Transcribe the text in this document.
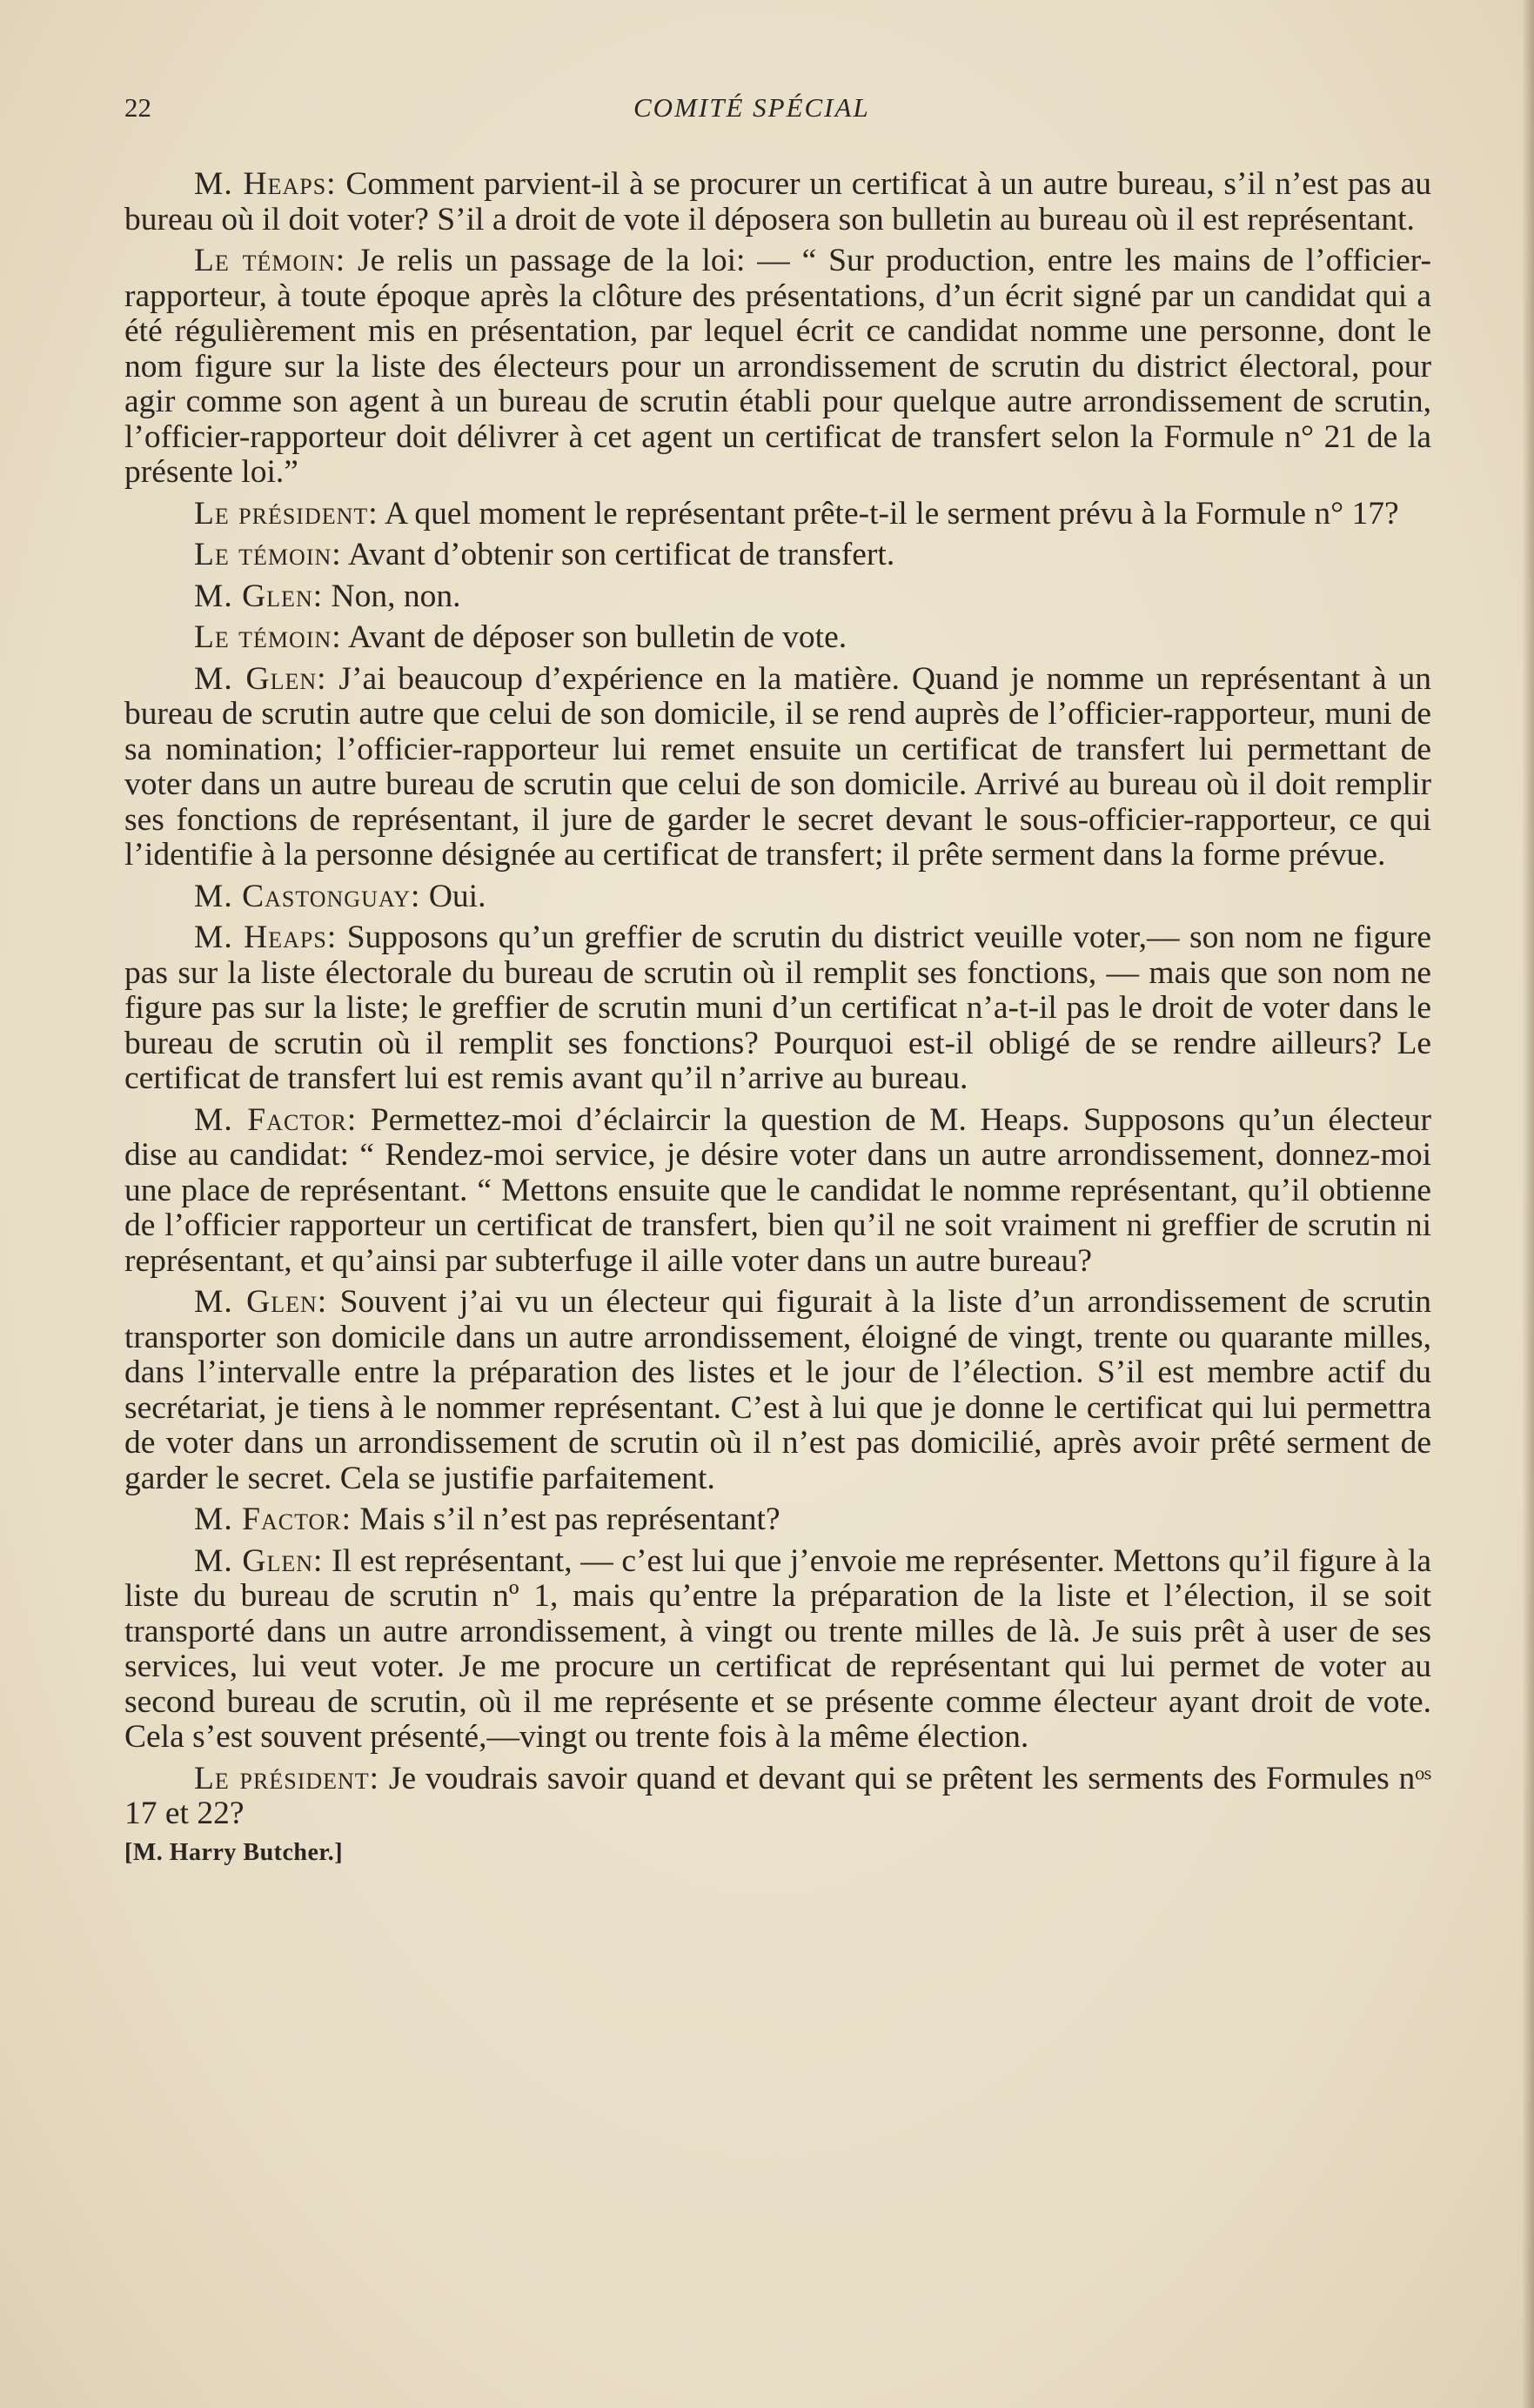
22	COMITÉ SPÉCIAL

M. Heaps: Comment parvient-il à se procurer un certificat à un autre bureau, s’il n’est pas au bureau où il doit voter? S’il a droit de vote il déposera son bulletin au bureau où il est représentant.

Le témoin: Je relis un passage de la loi: — “ Sur production, entre les mains de l’officier-rapporteur, à toute époque après la clôture des présentations, d’un écrit signé par un candidat qui a été régulièrement mis en présentation, par lequel écrit ce candidat nomme une personne, dont le nom figure sur la liste des électeurs pour un arrondissement de scrutin du district électoral, pour agir comme son agent à un bureau de scrutin établi pour quelque autre arrondissement de scrutin, l’officier-rapporteur doit délivrer à cet agent un certificat de transfert selon la Formule n° 21 de la présente loi.”

Le président: A quel moment le représentant prête-t-il le serment prévu à la Formule n° 17?

Le témoin: Avant d’obtenir son certificat de transfert.

M. Glen: Non, non.

Le témoin: Avant de déposer son bulletin de vote.

M. Glen: J’ai beaucoup d’expérience en la matière. Quand je nomme un représentant à un bureau de scrutin autre que celui de son domicile, il se rend auprès de l’officier-rapporteur, muni de sa nomination; l’officier-rapporteur lui remet ensuite un certificat de transfert lui permettant de voter dans un autre bureau de scrutin que celui de son domicile. Arrivé au bureau où il doit remplir ses fonctions de représentant, il jure de garder le secret devant le sous-officier-rapporteur, ce qui l’identifie à la personne désignée au certificat de transfert; il prête serment dans la forme prévue.

M. Castonguay: Oui.

M. Heaps: Supposons qu’un greffier de scrutin du district veuille voter,— son nom ne figure pas sur la liste électorale du bureau de scrutin où il remplit ses fonctions, — mais que son nom ne figure pas sur la liste; le greffier de scrutin muni d’un certificat n’a-t-il pas le droit de voter dans le bureau de scrutin où il remplit ses fonctions? Pourquoi est-il obligé de se rendre ailleurs? Le certificat de transfert lui est remis avant qu’il n’arrive au bureau.

M. Factor: Permettez-moi d’éclaircir la question de M. Heaps. Supposons qu’un électeur dise au candidat: “ Rendez-moi service, je désire voter dans un autre arrondissement, donnez-moi une place de représentant. “ Mettons ensuite que le candidat le nomme représentant, qu’il obtienne de l’officier rapporteur un certificat de transfert, bien qu’il ne soit vraiment ni greffier de scrutin ni représentant, et qu’ainsi par subterfuge il aille voter dans un autre bureau?

M. Glen: Souvent j’ai vu un électeur qui figurait à la liste d’un arrondissement de scrutin transporter son domicile dans un autre arrondissement, éloigné de vingt, trente ou quarante milles, dans l’intervalle entre la préparation des listes et le jour de l’élection. S’il est membre actif du secrétariat, je tiens à le nommer représentant. C’est à lui que je donne le certificat qui lui permettra de voter dans un arrondissement de scrutin où il n’est pas domicilié, après avoir prêté serment de garder le secret. Cela se justifie parfaitement.

M. Factor: Mais s’il n’est pas représentant?

M. Glen: Il est représentant, — c’est lui que j’envoie me représenter. Mettons qu’il figure à la liste du bureau de scrutin nº 1, mais qu’entre la préparation de la liste et l’élection, il se soit transporté dans un autre arrondissement, à vingt ou trente milles de là. Je suis prêt à user de ses services, lui veut voter. Je me procure un certificat de représentant qui lui permet de voter au second bureau de scrutin, où il me représente et se présente comme électeur ayant droit de vote. Cela s’est souvent présenté,—vingt ou trente fois à la même élection.

Le président: Je voudrais savoir quand et devant qui se prêtent les serments des Formules nᵒˢ 17 et 22?

[M. Harry Butcher.]
